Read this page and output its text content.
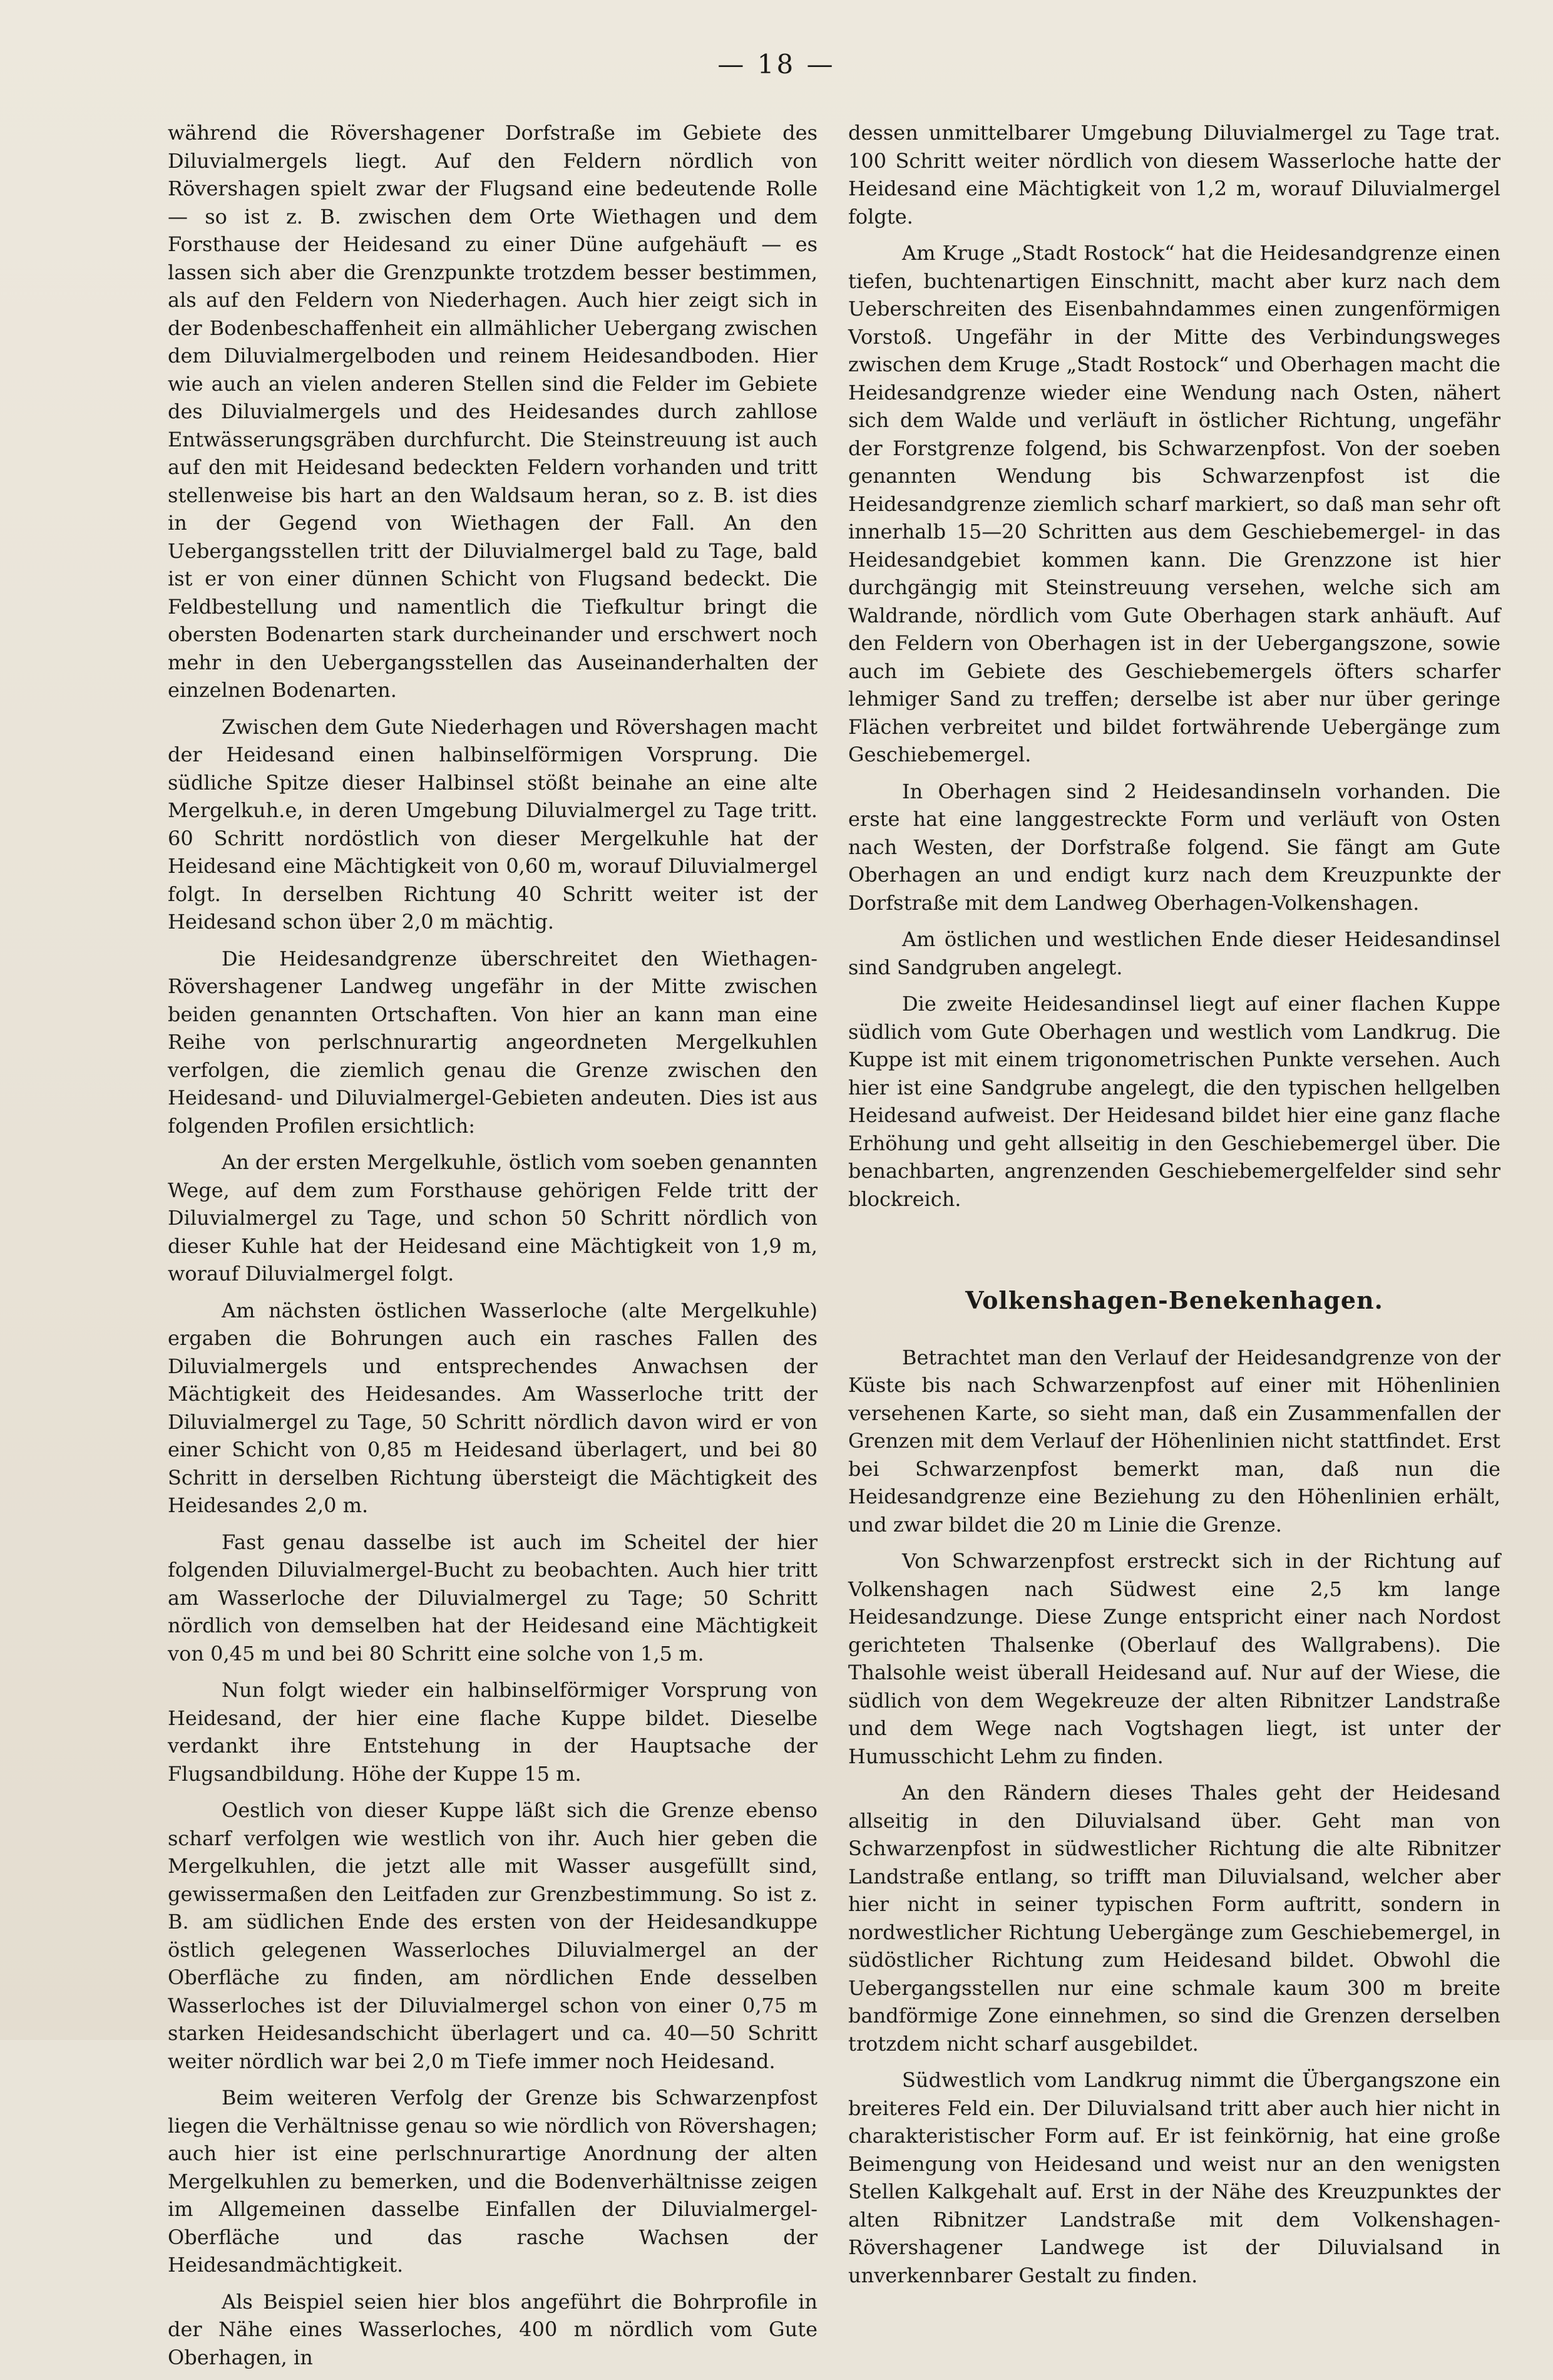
— 18 —

während die Rövershagener Dorfstraße im Gebiete des Diluvialmergels liegt. Auf den Feldern nördlich von Rövershagen spielt zwar der Flugsand eine bedeutende Rolle — so ist z. B. zwischen dem Orte Wiethagen und dem Forsthause der Heidesand zu einer Düne aufgehäuft — es lassen sich aber die Grenzpunkte trotzdem besser bestimmen, als auf den Feldern von Niederhagen. Auch hier zeigt sich in der Bodenbeschaffenheit ein allmählicher Uebergang zwischen dem Diluvialmergelboden und reinem Heidesandboden. Hier wie auch an vielen anderen Stellen sind die Felder im Gebiete des Diluvialmergels und des Heidesandes durch zahllose Entwässerungsgräben durchfurcht. Die Steinstreuung ist auch auf den mit Heidesand bedeckten Feldern vorhanden und tritt stellenweise bis hart an den Waldsaum heran, so z. B. ist dies in der Gegend von Wiethagen der Fall. An den Uebergangsstellen tritt der Diluvialmergel bald zu Tage, bald ist er von einer dünnen Schicht von Flugsand bedeckt. Die Feldbestellung und namentlich die Tiefkultur bringt die obersten Bodenarten stark durcheinander und erschwert noch mehr in den Uebergangsstellen das Auseinanderhalten der einzelnen Bodenarten.

Zwischen dem Gute Niederhagen und Rövershagen macht der Heidesand einen halbinselförmigen Vorsprung. Die südliche Spitze dieser Halbinsel stößt beinahe an eine alte Mergelkuh.e, in deren Umgebung Diluvialmergel zu Tage tritt. 60 Schritt nordöstlich von dieser Mergelkuhle hat der Heidesand eine Mächtigkeit von 0,60 m, worauf Diluvialmergel folgt. In derselben Richtung 40 Schritt weiter ist der Heidesand schon über 2,0 m mächtig.

Die Heidesandgrenze überschreitet den Wiethagen-Rövershagener Landweg ungefähr in der Mitte zwischen beiden genannten Ortschaften. Von hier an kann man eine Reihe von perlschnurartig angeordneten Mergelkuhlen verfolgen, die ziemlich genau die Grenze zwischen den Heidesand- und Diluvialmergel-Gebieten andeuten. Dies ist aus folgenden Profilen ersichtlich:

An der ersten Mergelkuhle, östlich vom soeben genannten Wege, auf dem zum Forsthause gehörigen Felde tritt der Diluvialmergel zu Tage, und schon 50 Schritt nördlich von dieser Kuhle hat der Heidesand eine Mächtigkeit von 1,9 m, worauf Diluvialmergel folgt.

Am nächsten östlichen Wasserloche (alte Mergelkuhle) ergaben die Bohrungen auch ein rasches Fallen des Diluvialmergels und entsprechendes Anwachsen der Mächtigkeit des Heidesandes. Am Wasserloche tritt der Diluvialmergel zu Tage, 50 Schritt nördlich davon wird er von einer Schicht von 0,85 m Heidesand überlagert, und bei 80 Schritt in derselben Richtung übersteigt die Mächtigkeit des Heidesandes 2,0 m.

Fast genau dasselbe ist auch im Scheitel der hier folgenden Diluvialmergel-Bucht zu beobachten. Auch hier tritt am Wasserloche der Diluvialmergel zu Tage; 50 Schritt nördlich von demselben hat der Heidesand eine Mächtigkeit von 0,45 m und bei 80 Schritt eine solche von 1,5 m.

Nun folgt wieder ein halbinselförmiger Vorsprung von Heidesand, der hier eine flache Kuppe bildet. Dieselbe verdankt ihre Entstehung in der Hauptsache der Flugsandbildung. Höhe der Kuppe 15 m.

Oestlich von dieser Kuppe läßt sich die Grenze ebenso scharf verfolgen wie westlich von ihr. Auch hier geben die Mergelkuhlen, die jetzt alle mit Wasser ausgefüllt sind, gewissermaßen den Leitfaden zur Grenzbestimmung. So ist z. B. am südlichen Ende des ersten von der Heidesandkuppe östlich gelegenen Wasserloches Diluvialmergel an der Oberfläche zu finden, am nördlichen Ende desselben Wasserloches ist der Diluvialmergel schon von einer 0,75 m starken Heidesandschicht überlagert und ca. 40—50 Schritt weiter nördlich war bei 2,0 m Tiefe immer noch Heidesand.

Beim weiteren Verfolg der Grenze bis Schwarzenpfost liegen die Verhältnisse genau so wie nördlich von Rövershagen; auch hier ist eine perlschnurartige Anordnung der alten Mergelkuhlen zu bemerken, und die Bodenverhältnisse zeigen im Allgemeinen dasselbe Einfallen der Diluvialmergel-Oberfläche und das rasche Wachsen der Heidesandmächtigkeit.

Als Beispiel seien hier blos angeführt die Bohrprofile in der Nähe eines Wasserloches, 400 m nördlich vom Gute Oberhagen, in

dessen unmittelbarer Umgebung Diluvialmergel zu Tage trat. 100 Schritt weiter nördlich von diesem Wasserloche hatte der Heidesand eine Mächtigkeit von 1,2 m, worauf Diluvialmergel folgte.

Am Kruge „Stadt Rostock“ hat die Heidesandgrenze einen tiefen, buchtenartigen Einschnitt, macht aber kurz nach dem Ueberschreiten des Eisenbahndammes einen zungenförmigen Vorstoß. Ungefähr in der Mitte des Verbindungsweges zwischen dem Kruge „Stadt Rostock“ und Oberhagen macht die Heidesandgrenze wieder eine Wendung nach Osten, nähert sich dem Walde und verläuft in östlicher Richtung, ungefähr der Forstgrenze folgend, bis Schwarzenpfost. Von der soeben genannten Wendung bis Schwarzenpfost ist die Heidesandgrenze ziemlich scharf markiert, so daß man sehr oft innerhalb 15—20 Schritten aus dem Geschiebemergel- in das Heidesandgebiet kommen kann. Die Grenzzone ist hier durchgängig mit Steinstreuung versehen, welche sich am Waldrande, nördlich vom Gute Oberhagen stark anhäuft. Auf den Feldern von Oberhagen ist in der Uebergangszone, sowie auch im Gebiete des Geschiebemergels öfters scharfer lehmiger Sand zu treffen; derselbe ist aber nur über geringe Flächen verbreitet und bildet fortwährende Uebergänge zum Geschiebemergel.

In Oberhagen sind 2 Heidesandinseln vorhanden. Die erste hat eine langgestreckte Form und verläuft von Osten nach Westen, der Dorfstraße folgend. Sie fängt am Gute Oberhagen an und endigt kurz nach dem Kreuzpunkte der Dorfstraße mit dem Landweg Oberhagen-Volkenshagen.

Am östlichen und westlichen Ende dieser Heidesandinsel sind Sandgruben angelegt.

Die zweite Heidesandinsel liegt auf einer flachen Kuppe südlich vom Gute Oberhagen und westlich vom Landkrug. Die Kuppe ist mit einem trigonometrischen Punkte versehen. Auch hier ist eine Sandgrube angelegt, die den typischen hellgelben Heidesand aufweist. Der Heidesand bildet hier eine ganz flache Erhöhung und geht allseitig in den Geschiebemergel über. Die benachbarten, angrenzenden Geschiebemergelfelder sind sehr blockreich.

Volkenshagen-Benekenhagen.

Betrachtet man den Verlauf der Heidesandgrenze von der Küste bis nach Schwarzenpfost auf einer mit Höhenlinien versehenen Karte, so sieht man, daß ein Zusammenfallen der Grenzen mit dem Verlauf der Höhenlinien nicht stattfindet. Erst bei Schwarzenpfost bemerkt man, daß nun die Heidesandgrenze eine Beziehung zu den Höhenlinien erhält, und zwar bildet die 20 m Linie die Grenze.

Von Schwarzenpfost erstreckt sich in der Richtung auf Volkenshagen nach Südwest eine 2,5 km lange Heidesandzunge. Diese Zunge entspricht einer nach Nordost gerichteten Thalsenke (Oberlauf des Wallgrabens). Die Thalsohle weist überall Heidesand auf. Nur auf der Wiese, die südlich von dem Wegekreuze der alten Ribnitzer Landstraße und dem Wege nach Vogtshagen liegt, ist unter der Humusschicht Lehm zu finden.

An den Rändern dieses Thales geht der Heidesand allseitig in den Diluvialsand über. Geht man von Schwarzenpfost in südwestlicher Richtung die alte Ribnitzer Landstraße entlang, so trifft man Diluvialsand, welcher aber hier nicht in seiner typischen Form auftritt, sondern in nordwestlicher Richtung Uebergänge zum Geschiebemergel, in südöstlicher Richtung zum Heidesand bildet. Obwohl die Uebergangsstellen nur eine schmale kaum 300 m breite bandförmige Zone einnehmen, so sind die Grenzen derselben trotzdem nicht scharf ausgebildet.

Südwestlich vom Landkrug nimmt die Übergangszone ein breiteres Feld ein. Der Diluvialsand tritt aber auch hier nicht in charakteristischer Form auf. Er ist feinkörnig, hat eine große Beimengung von Heidesand und weist nur an den wenigsten Stellen Kalkgehalt auf. Erst in der Nähe des Kreuzpunktes der alten Ribnitzer Landstraße mit dem Volkenshagen-Rövershagener Landwege ist der Diluvialsand in unverkennbarer Gestalt zu finden.
